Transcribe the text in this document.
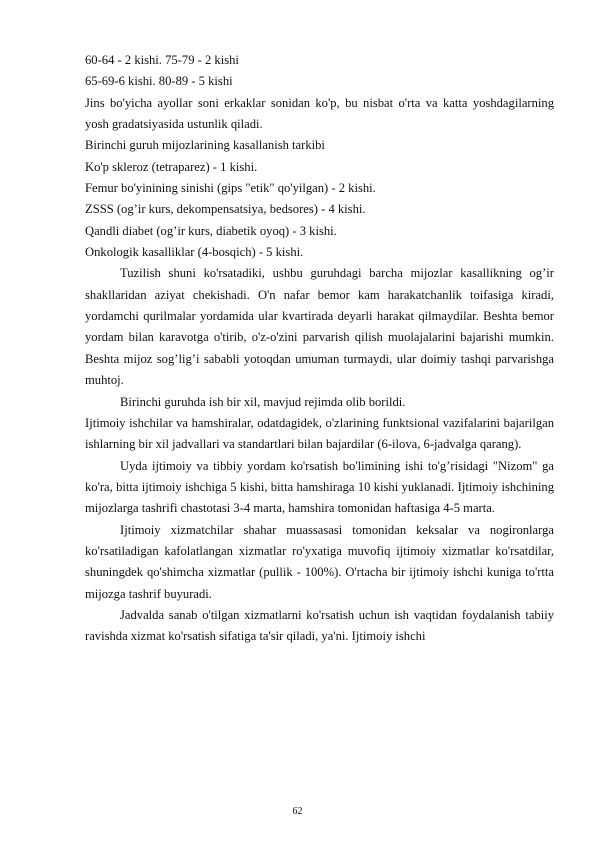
60-64 - 2 kishi. 75-79 - 2 kishi
65-69-6 kishi. 80-89 - 5 kishi
Jins bo'yicha ayollar soni erkaklar sonidan ko'p, bu nisbat o'rta va katta yoshdagilarning yosh gradatsiyasida ustunlik qiladi.
Birinchi guruh mijozlarining kasallanish tarkibi
Ko'p skleroz (tetraparez) - 1 kishi.
Femur bo'yinining sinishi (gips "etik" qo'yilgan) - 2 kishi.
ZSSS (og’ir kurs, dekompensatsiya, bedsores) - 4 kishi.
Qandli diabet (og’ir kurs, diabetik oyoq) - 3 kishi.
Onkologik kasalliklar (4-bosqich) - 5 kishi.
Tuzilish shuni ko'rsatadiki, ushbu guruhdagi barcha mijozlar kasallikning og’ir shakllaridan aziyat chekishadi. O'n nafar bemor kam harakatchanlik toifasiga kiradi, yordamchi qurilmalar yordamida ular kvartirada deyarli harakat qilmaydilar. Beshta bemor yordam bilan karavotga o'tirib, o'z-o'zini parvarish qilish muolajalarini bajarishi mumkin. Beshta mijoz sog’lig’i sababli yotoqdan umuman turmaydi, ular doimiy tashqi parvarishga muhtoj.
Birinchi guruhda ish bir xil, mavjud rejimda olib borildi.
Ijtimoiy ishchilar va hamshiralar, odatdagidek, o'zlarining funktsional vazifalarini bajarilgan ishlarning bir xil jadvallari va standartlari bilan bajardilar (6-ilova, 6-jadvalga qarang).
Uyda ijtimoiy va tibbiy yordam ko'rsatish bo'limining ishi to'g’risidagi "Nizom" ga ko'ra, bitta ijtimoiy ishchiga 5 kishi, bitta hamshiraga 10 kishi yuklanadi. Ijtimoiy ishchining mijozlarga tashrifi chastotasi 3-4 marta, hamshira tomonidan haftasiga 4-5 marta.
Ijtimoiy xizmatchilar shahar muassasasi tomonidan keksalar va nogironlarga ko'rsatiladigan kafolatlangan xizmatlar ro'yxatiga muvofiq ijtimoiy xizmatlar ko'rsatdilar, shuningdek qo'shimcha xizmatlar (pullik - 100%). O'rtacha bir ijtimoiy ishchi kuniga to'rtta mijozga tashrif buyuradi.
Jadvalda sanab o'tilgan xizmatlarni ko'rsatish uchun ish vaqtidan foydalanish tabiiy ravishda xizmat ko'rsatish sifatiga ta'sir qiladi, ya'ni. Ijtimoiy ishchi
62
